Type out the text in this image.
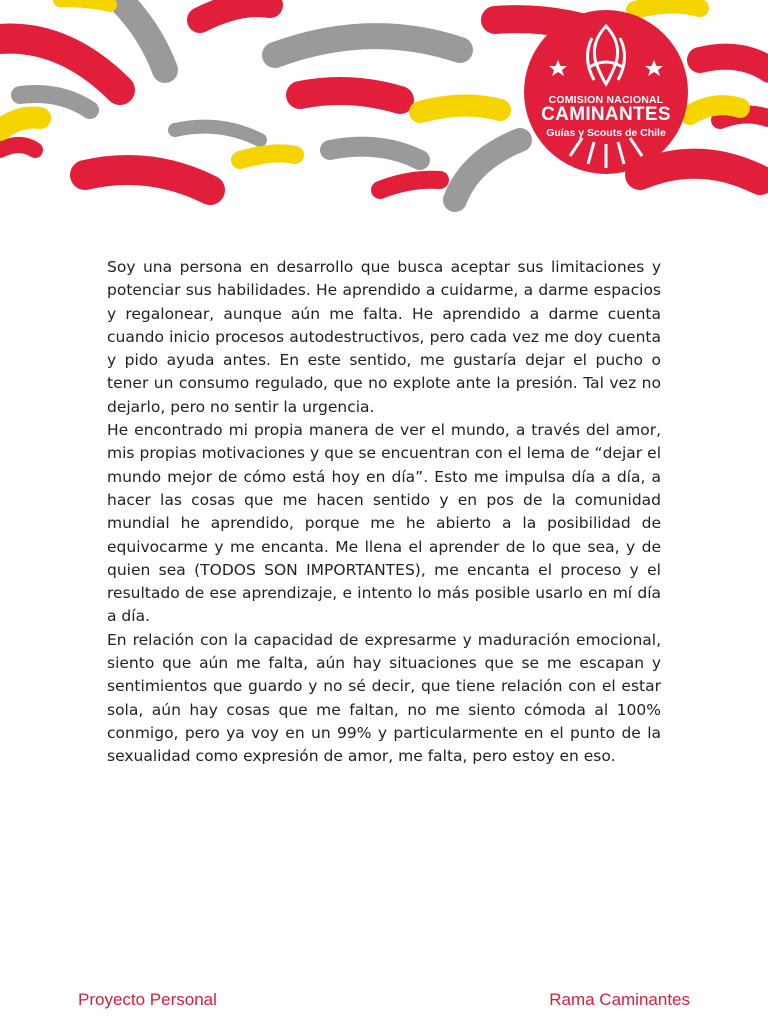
COMISION NACIONAL
CAMINANTES
Guías y Scouts de Chile

Soy una persona en desarrollo que busca aceptar sus limitaciones y potenciar sus habilidades. He aprendido a cuidarme, a darme espacios y regalonear, aunque aún me falta. He aprendido a darme cuenta cuando inicio procesos autodestructivos, pero cada vez me doy cuenta y pido ayuda antes. En este sentido, me gustaría dejar el pucho o tener un consumo regulado, que no explote ante la presión. Tal vez no dejarlo, pero no sentir la urgencia.

He encontrado mi propia manera de ver el mundo, a través del amor, mis propias motivaciones y que se encuentran con el lema de “dejar el mundo mejor de cómo está hoy en día”. Esto me impulsa día a día, a hacer las cosas que me hacen sentido y en pos de la comunidad mundial he aprendido, porque me he abierto a la posibilidad de equivocarme y me encanta. Me llena el aprender de lo que sea, y de quien sea (TODOS SON IMPORTANTES), me encanta el proceso y el resultado de ese aprendizaje, e intento lo más posible usarlo en mí día a día.

En relación con la capacidad de expresarme y maduración emocional, siento que aún me falta, aún hay situaciones que se me escapan y sentimientos que guardo y no sé decir, que tiene relación con el estar sola, aún hay cosas que me faltan, no me siento cómoda al 100% conmigo, pero ya voy en un 99% y particularmente en el punto de la sexualidad como expresión de amor, me falta, pero estoy en eso.

Proyecto Personal	Rama Caminantes
